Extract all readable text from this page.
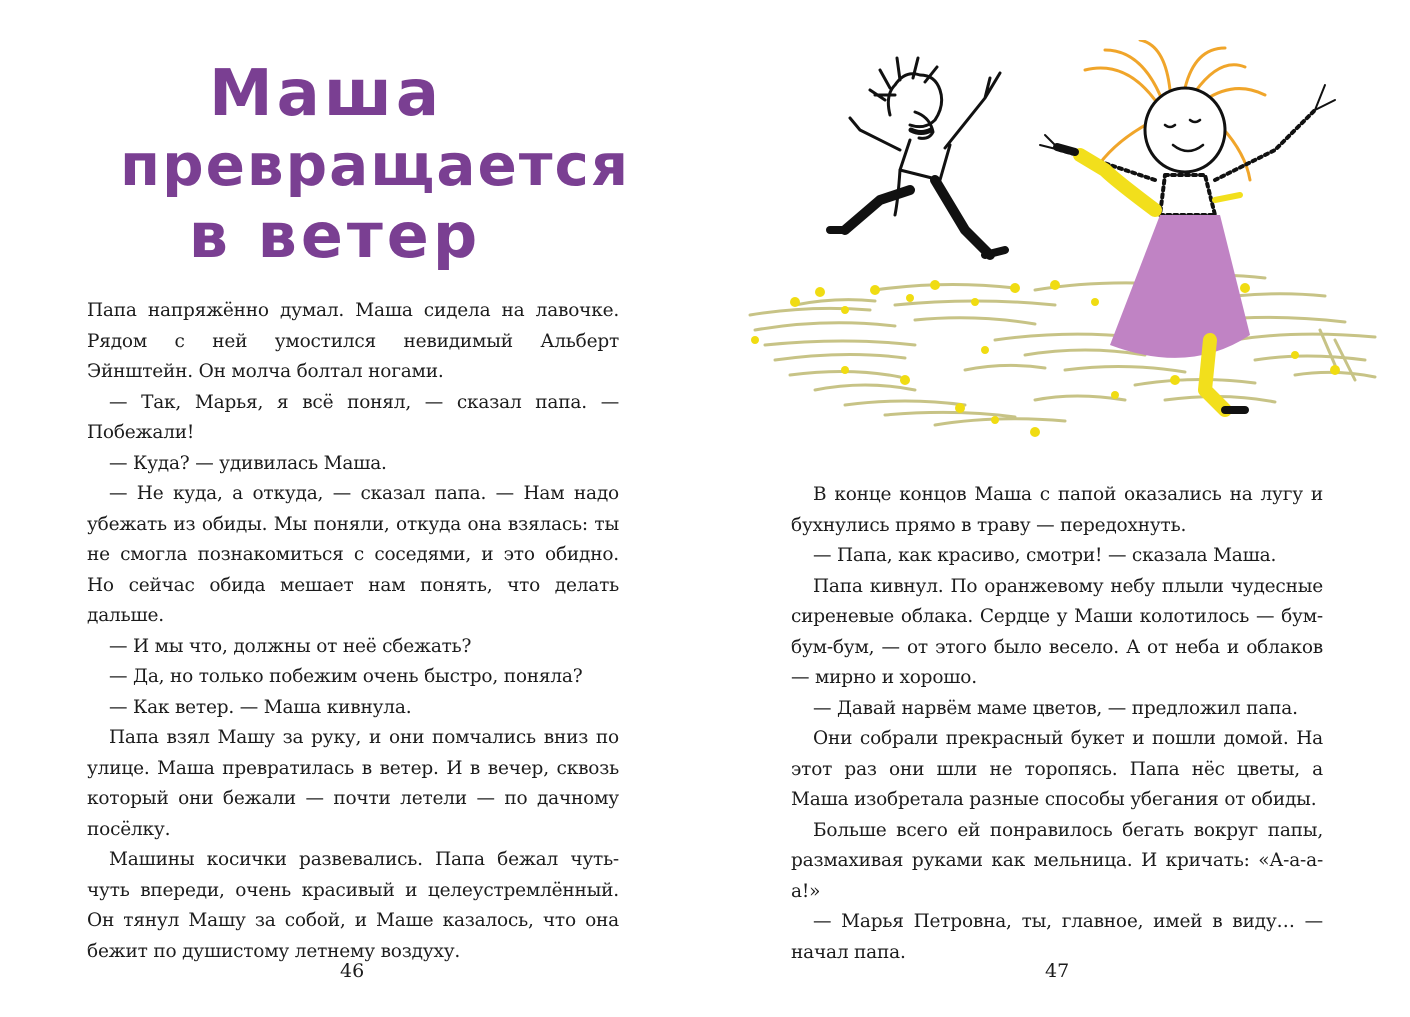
Маша
превращается
в ветер

Папа напряжённо думал. Маша сидела на лавочке. Рядом с ней умостился невидимый Альберт Эйнштейн. Он молча болтал ногами.

— Так, Марья, я всё понял, — сказал папа. — Побежали!

— Куда? — удивилась Маша.

— Не куда, а откуда, — сказал папа. — Нам надо убежать из обиды. Мы поняли, откуда она взялась: ты не смогла познакомиться с соседями, и это обидно. Но сейчас обида мешает нам понять, что делать дальше.

— И мы что, должны от неё сбежать?

— Да, но только побежим очень быстро, поняла?

— Как ветер. — Маша кивнула.

Папа взял Машу за руку, и они помчались вниз по улице. Маша превратилась в ветер. И в вечер, сквозь который они бежали — почти летели — по дачному посёлку.

Машины косички развевались. Папа бежал чуть-чуть впереди, очень красивый и целеустремлённый. Он тянул Машу за собой, и Маше казалось, что она бежит по душистому летнему воздуху.

46

В конце концов Маша с папой оказались на лугу и бухнулись прямо в траву — передохнуть.

— Папа, как красиво, смотри! — сказала Маша.

Папа кивнул. По оранжевому небу плыли чудесные сиреневые облака. Сердце у Маши колотилось — бум-бум-бум, — от этого было весело. А от неба и облаков — мирно и хорошо.

— Давай нарвём маме цветов, — предложил папа.

Они собрали прекрасный букет и пошли домой. На этот раз они шли не торопясь. Папа нёс цветы, а Маша изобретала разные способы убегания от обиды.

Больше всего ей понравилось бегать вокруг папы, размахивая руками как мельница. И кричать: «А-а-а-а!»

— Марья Петровна, ты, главное, имей в виду… — начал папа.

47
